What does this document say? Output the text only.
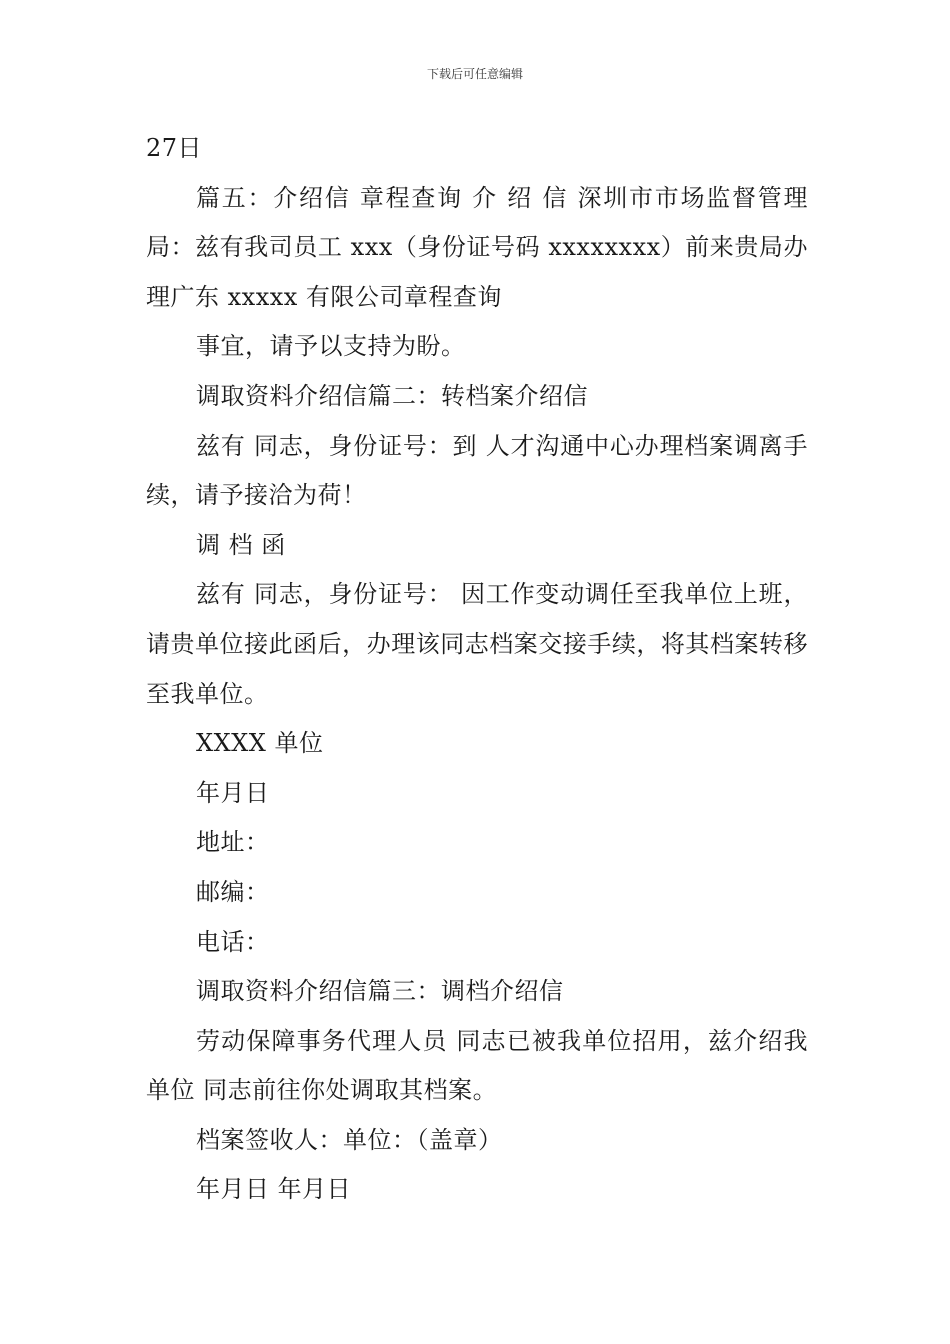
下载后可任意编辑

27日

篇五：介绍信 章程查询 介 绍 信 深圳市市场监督管理局：兹有我司员工 xxx（身份证号码 xxxxxxxx）前来贵局办理广东 xxxxx 有限公司章程查询

事宜，请予以支持为盼。

调取资料介绍信篇二：转档案介绍信

兹有 同志，身份证号：到 人才沟通中心办理档案调离手续，请予接洽为荷！

调 档 函

兹有 同志，身份证号： 因工作变动调任至我单位上班，请贵单位接此函后，办理该同志档案交接手续，将其档案转移至我单位。

XXXX 单位

年月日

地址：

邮编：

电话：

调取资料介绍信篇三：调档介绍信

劳动保障事务代理人员 同志已被我单位招用，兹介绍我单位 同志前往你处调取其档案。

档案签收人：单位：（盖章）

年月日 年月日
